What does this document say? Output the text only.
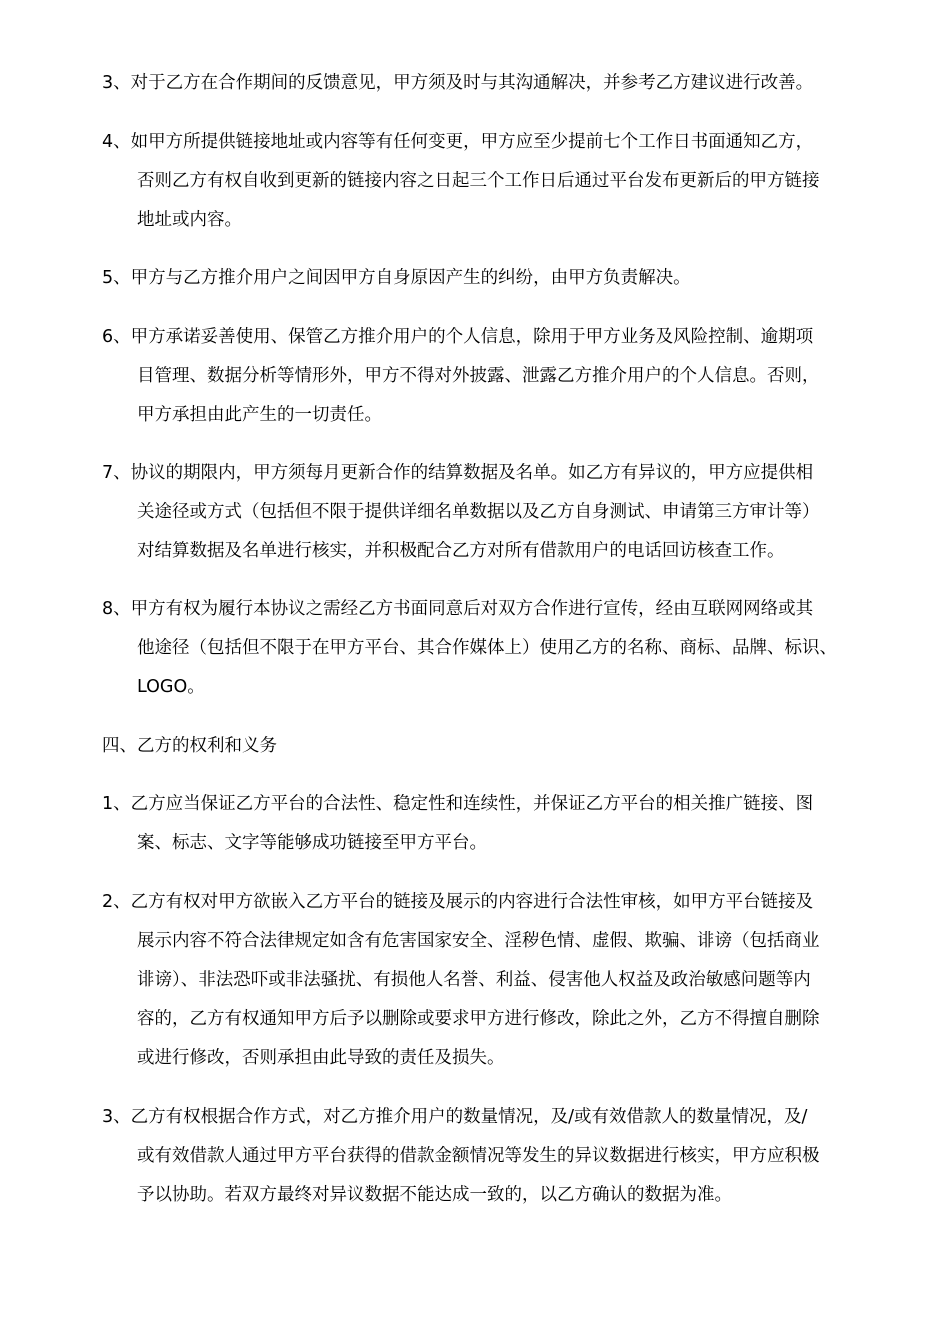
3、对于乙方在合作期间的反馈意见，甲方须及时与其沟通解决，并参考乙方建议进行改善。
4、如甲方所提供链接地址或内容等有任何变更，甲方应至少提前七个工作日书面通知乙方，
否则乙方有权自收到更新的链接内容之日起三个工作日后通过平台发布更新后的甲方链接
地址或内容。
5、甲方与乙方推介用户之间因甲方自身原因产生的纠纷，由甲方负责解决。
6、甲方承诺妥善使用、保管乙方推介用户的个人信息，除用于甲方业务及风险控制、逾期项
目管理、数据分析等情形外，甲方不得对外披露、泄露乙方推介用户的个人信息。否则，
甲方承担由此产生的一切责任。
7、协议的期限内，甲方须每月更新合作的结算数据及名单。如乙方有异议的，甲方应提供相
关途径或方式（包括但不限于提供详细名单数据以及乙方自身测试、申请第三方审计等）
对结算数据及名单进行核实，并积极配合乙方对所有借款用户的电话回访核查工作。
8、甲方有权为履行本协议之需经乙方书面同意后对双方合作进行宣传，经由互联网网络或其
他途径（包括但不限于在甲方平台、其合作媒体上）使用乙方的名称、商标、品牌、标识、
LOGO。
四、乙方的权利和义务
1、乙方应当保证乙方平台的合法性、稳定性和连续性，并保证乙方平台的相关推广链接、图
案、标志、文字等能够成功链接至甲方平台。
2、乙方有权对甲方欲嵌入乙方平台的链接及展示的内容进行合法性审核，如甲方平台链接及
展示内容不符合法律规定如含有危害国家安全、淫秽色情、虚假、欺骗、诽谤（包括商业
诽谤）、非法恐吓或非法骚扰、有损他人名誉、利益、侵害他人权益及政治敏感问题等内
容的，乙方有权通知甲方后予以删除或要求甲方进行修改，除此之外，乙方不得擅自删除
或进行修改，否则承担由此导致的责任及损失。
3、乙方有权根据合作方式，对乙方推介用户的数量情况，及/或有效借款人的数量情况，及/
或有效借款人通过甲方平台获得的借款金额情况等发生的异议数据进行核实，甲方应积极
予以协助。若双方最终对异议数据不能达成一致的，以乙方确认的数据为准。
